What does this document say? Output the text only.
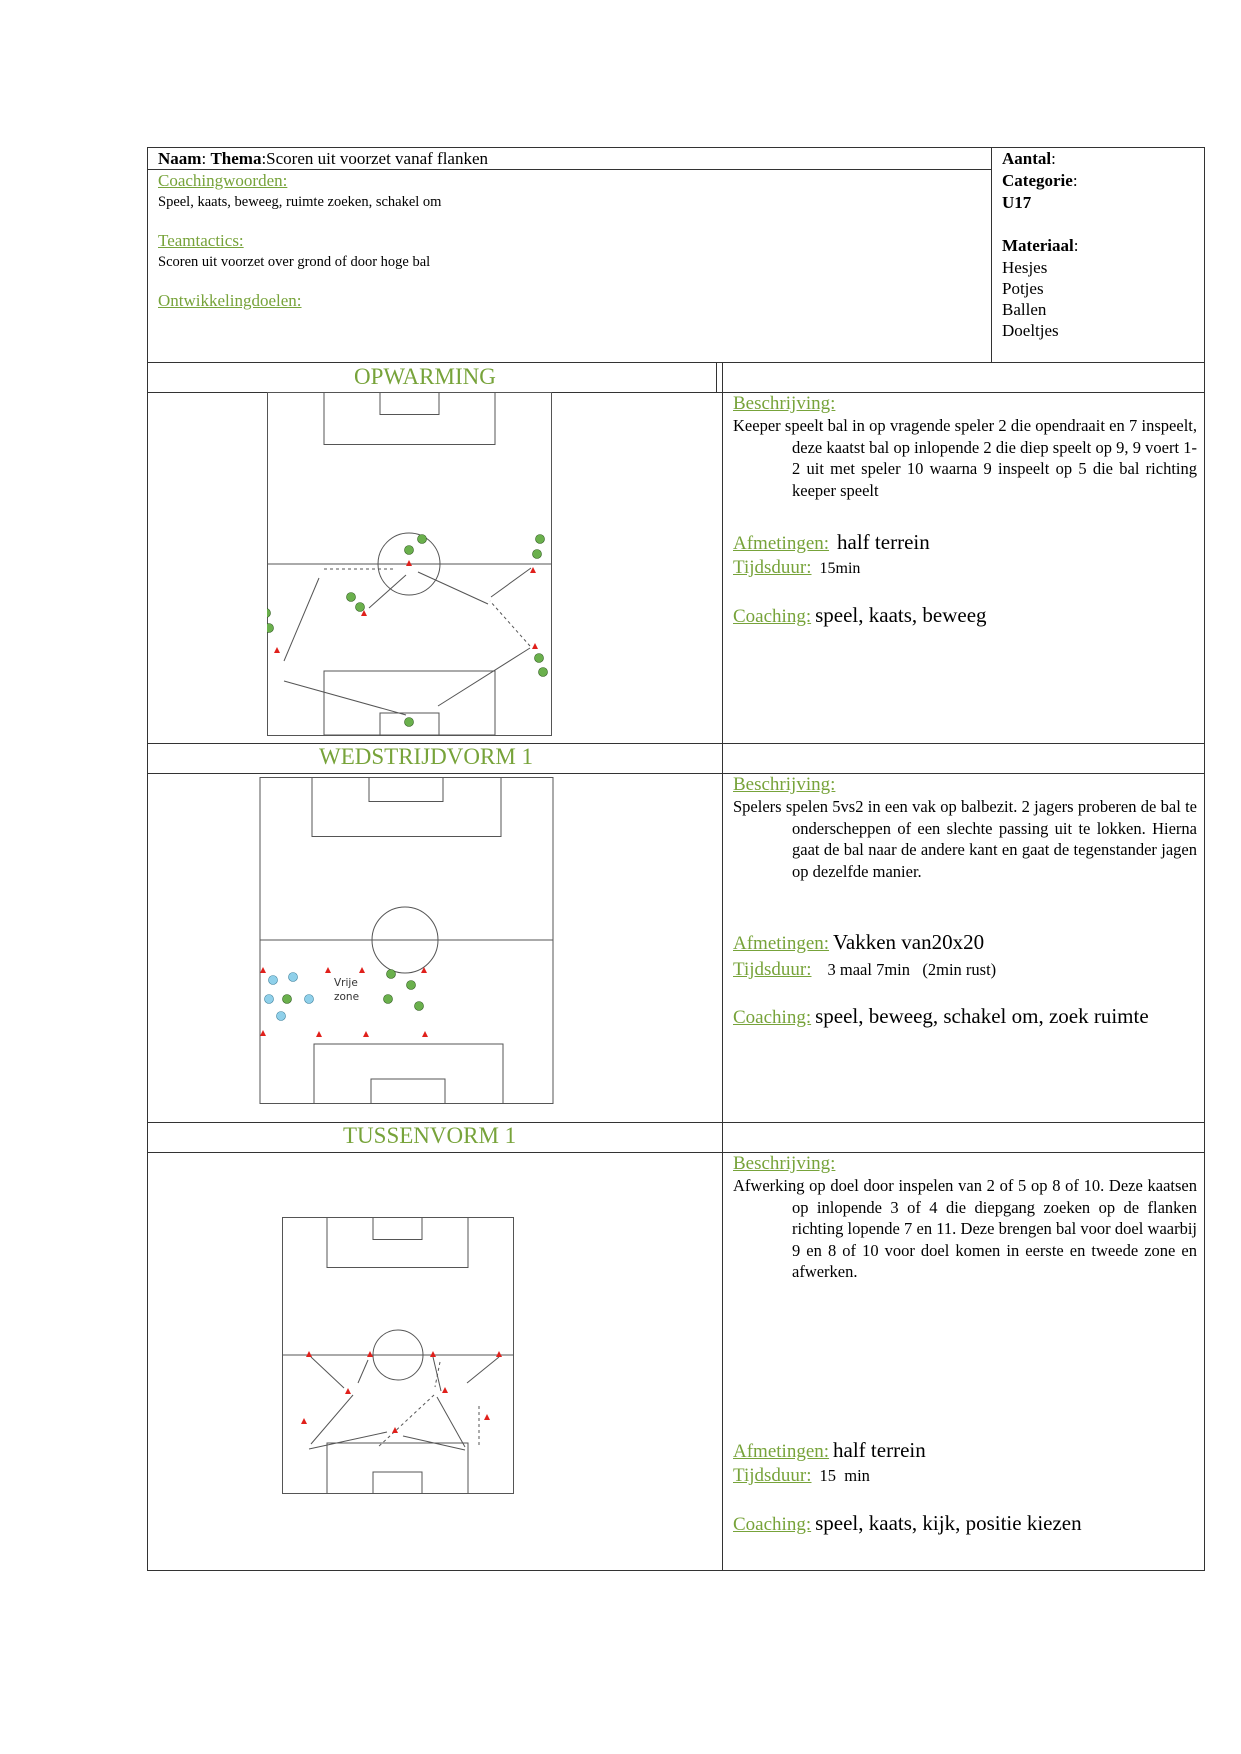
Naam: Thema:Scoren uit voorzet vanaf flanken
Coachingwoorden:
Speel, kaats, beweeg, ruimte zoeken, schakel om
Teamtactics:
Scoren uit voorzet over grond of door hoge bal
Ontwikkelingdoelen:
Aantal:
Categorie:
U17
Materiaal:
Hesjes
Potjes
Ballen
Doeltjes
OPWARMING
Beschrijving:
Keeper speelt bal in op vragende speler 2 die opendraait en 7 inspeelt, deze kaatst bal op inlopende 2 die diep speelt op 9, 9 voert 1-2 uit met speler 10 waarna 9 inspeelt op 5 die bal richting keeper speelt
Afmetingen: half terrein
Tijdsduur: 15min
Coaching: speel, kaats, beweeg
WEDSTRIJDVORM 1
Vrije
zone
Beschrijving:
Spelers spelen 5vs2 in een vak op balbezit. 2 jagers proberen de bal te onderscheppen of een slechte passing uit te lokken. Hierna gaat de bal naar de andere kant en gaat de tegenstander jagen op dezelfde manier.
Afmetingen: Vakken van20x20
Tijdsduur: 3 maal 7min   (2min rust)
Coaching: speel, beweeg, schakel om, zoek ruimte
TUSSENVORM 1
Beschrijving:
Afwerking op doel door inspelen van 2 of 5 op 8 of 10. Deze kaatsen op inlopende 3 of 4 die diepgang zoeken op de flanken richting lopende 7 en 11. Deze brengen bal voor doel waarbij 9 en 8 of 10 voor doel komen in eerste en tweede zone en afwerken.
Afmetingen: half terrein
Tijdsduur: 15  min
Coaching: speel, kaats, kijk, positie kiezen
